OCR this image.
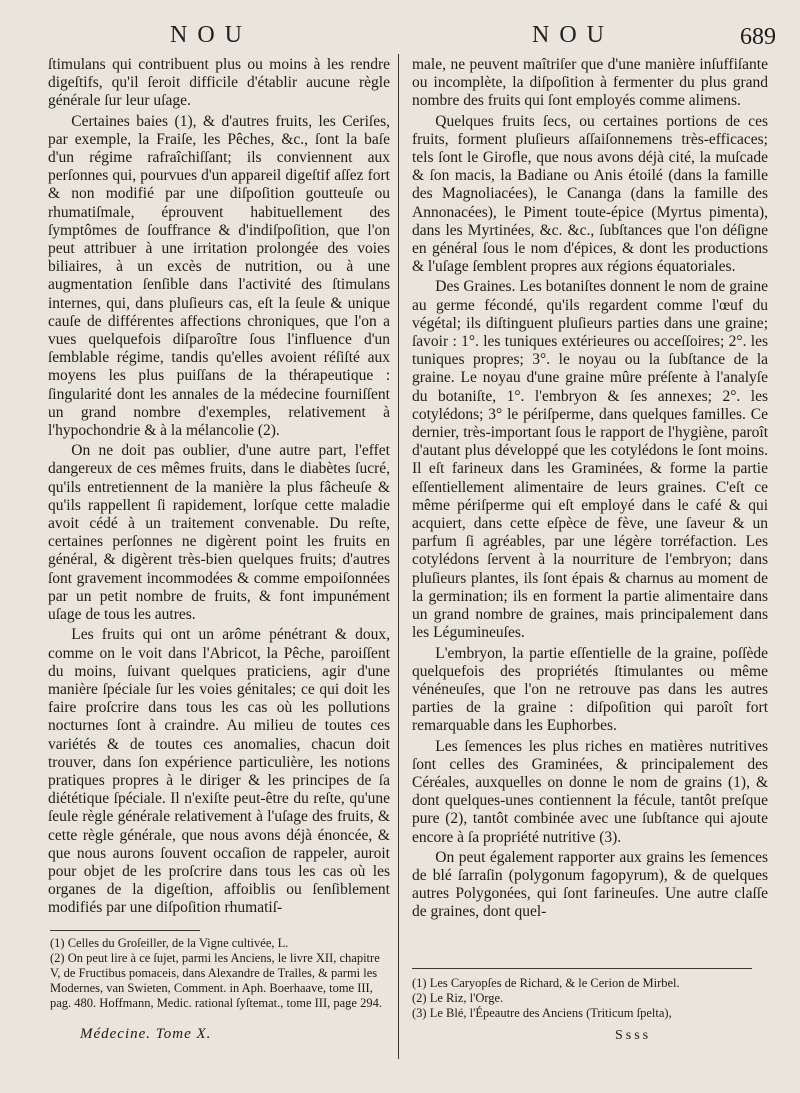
NOU	NOU	689

ſtimulans qui contribuent plus ou moins à les rendre digeſtifs, qu'il ſeroit difficile d'établir aucune règle générale ſur leur uſage.

Certaines baies (1), & d'autres fruits, les Ceriſes, par exemple, la Fraiſe, les Pêches, &c., ſont la baſe d'un régime rafraîchiſſant; ils conviennent aux perſonnes qui, pourvues d'un appareil digeſtif aſſez fort & non modifié par une diſpoſition goutteuſe ou rhumatiſmale, éprouvent habituellement des ſymptômes de ſouffrance & d'indiſpoſition, que l'on peut attribuer à une irritation prolongée des voies biliaires, à un excès de nutrition, ou à une augmentation ſenſible dans l'activité des ſtimulans internes, qui, dans pluſieurs cas, eſt la ſeule & unique cauſe de différentes affections chroniques, que l'on a vues quelquefois diſparoître ſous l'influence d'un ſemblable régime, tandis qu'elles avoient réſiſté aux moyens les plus puiſſans de la thérapeutique : ſingularité dont les annales de la médecine fourniſſent un grand nombre d'exemples, relativement à l'hypochondrie & à la mélancolie (2).

On ne doit pas oublier, d'une autre part, l'effet dangereux de ces mêmes fruits, dans le diabètes ſucré, qu'ils entretiennent de la manière la plus fâcheuſe & qu'ils rappellent ſi rapidement, lorſque cette maladie avoit cédé à un traitement convenable. Du reſte, certaines perſonnes ne digèrent point les fruits en général, & digèrent très-bien quelques fruits; d'autres ſont gravement incommodées & comme empoiſonnées par un petit nombre de fruits, & font impunément uſage de tous les autres.

Les fruits qui ont un arôme pénétrant & doux, comme on le voit dans l'Abricot, la Pêche, paroiſſent du moins, ſuivant quelques praticiens, agir d'une manière ſpéciale ſur les voies génitales; ce qui doit les faire proſcrire dans tous les cas où les pollutions nocturnes ſont à craindre. Au milieu de toutes ces variétés & de toutes ces anomalies, chacun doit trouver, dans ſon expérience particulière, les notions pratiques propres à le diriger & les principes de ſa diététique ſpéciale. Il n'exiſte peut-être du reſte, qu'une ſeule règle générale relativement à l'uſage des fruits, & cette règle générale, que nous avons déjà énoncée, & que nous aurons ſouvent occaſion de rappeler, auroit pour objet de les proſcrire dans tous les cas où les organes de la digeſtion, affoiblis ou ſenſiblement modifiés par une diſpoſition rhumatiſ-

male, ne peuvent maîtriſer que d'une manière inſuffiſante ou incomplète, la diſpoſition à fermenter du plus grand nombre des fruits qui ſont employés comme alimens.

Quelques fruits ſecs, ou certaines portions de ces fruits, forment pluſieurs aſſaiſonnemens très-efficaces; tels ſont le Girofle, que nous avons déjà cité, la muſcade & ſon macis, la Badiane ou Anis étoilé (dans la famille des Magnoliacées), le Cananga (dans la famille des Annonacées), le Piment toute-épice (Myrtus pimenta), dans les Myrtinées, &c. &c., ſubſtances que l'on déſigne en général ſous le nom d'épices, & dont les productions & l'uſage ſemblent propres aux régions équatoriales.

Des Graines. Les botaniſtes donnent le nom de graine au germe fécondé, qu'ils regardent comme l'œuf du végétal; ils diſtinguent pluſieurs parties dans une graine; ſavoir : 1°. les tuniques extérieures ou acceſſoires; 2°. les tuniques propres; 3°. le noyau ou la ſubſtance de la graine. Le noyau d'une graine mûre préſente à l'analyſe du botaniſte, 1°. l'embryon & ſes annexes; 2°. les cotylédons; 3° le périſperme, dans quelques familles. Ce dernier, très-important ſous le rapport de l'hygiène, paroît d'autant plus développé que les cotylédons le ſont moins. Il eſt farineux dans les Graminées, & forme la partie eſſentiellement alimentaire de leurs graines. C'eſt ce même périſperme qui eſt employé dans le café & qui acquiert, dans cette eſpèce de fève, une ſaveur & un parfum ſi agréables, par une légère torréfaction. Les cotylédons ſervent à la nourriture de l'embryon; dans pluſieurs plantes, ils ſont épais & charnus au moment de la germination; ils en forment la partie alimentaire dans un grand nombre de graines, mais principalement dans les Légumineuſes.

L'embryon, la partie eſſentielle de la graine, poſſède quelquefois des propriétés ſtimulantes ou même vénéneuſes, que l'on ne retrouve pas dans les autres parties de la graine : diſpoſition qui paroît fort remarquable dans les Euphorbes.

Les ſemences les plus riches en matières nutritives ſont celles des Graminées, & principalement des Céréales, auxquelles on donne le nom de grains (1), & dont quelques-unes contiennent la fécule, tantôt preſque pure (2), tantôt combinée avec une ſubſtance qui ajoute encore à ſa propriété nutritive (3).

On peut également rapporter aux grains les ſemences de blé ſarraſin (polygonum fagopyrum), & de quelques autres Polygonées, qui ſont farineuſes. Une autre claſſe de graines, dont quel-

(1) Celles du Groſeiller, de la Vigne cultivée, L.
(2) On peut lire à ce ſujet, parmi les Anciens, le livre XII, chapitre V, de Fructibus pomaceis, dans Alexandre de Tralles, & parmi les Modernes, van Swieten, Comment. in Aph. Boerhaave, tome III, pag. 480. Hoffmann, Medic. rational ſyſtemat., tome III, page 294.
Médecine. Tome X.
(1) Les Caryopſes de Richard, & le Cerion de Mirbel.
(2) Le Riz, l'Orge.
(3) Le Blé, l'Épeautre des Anciens (Triticum ſpelta),
Ssss
